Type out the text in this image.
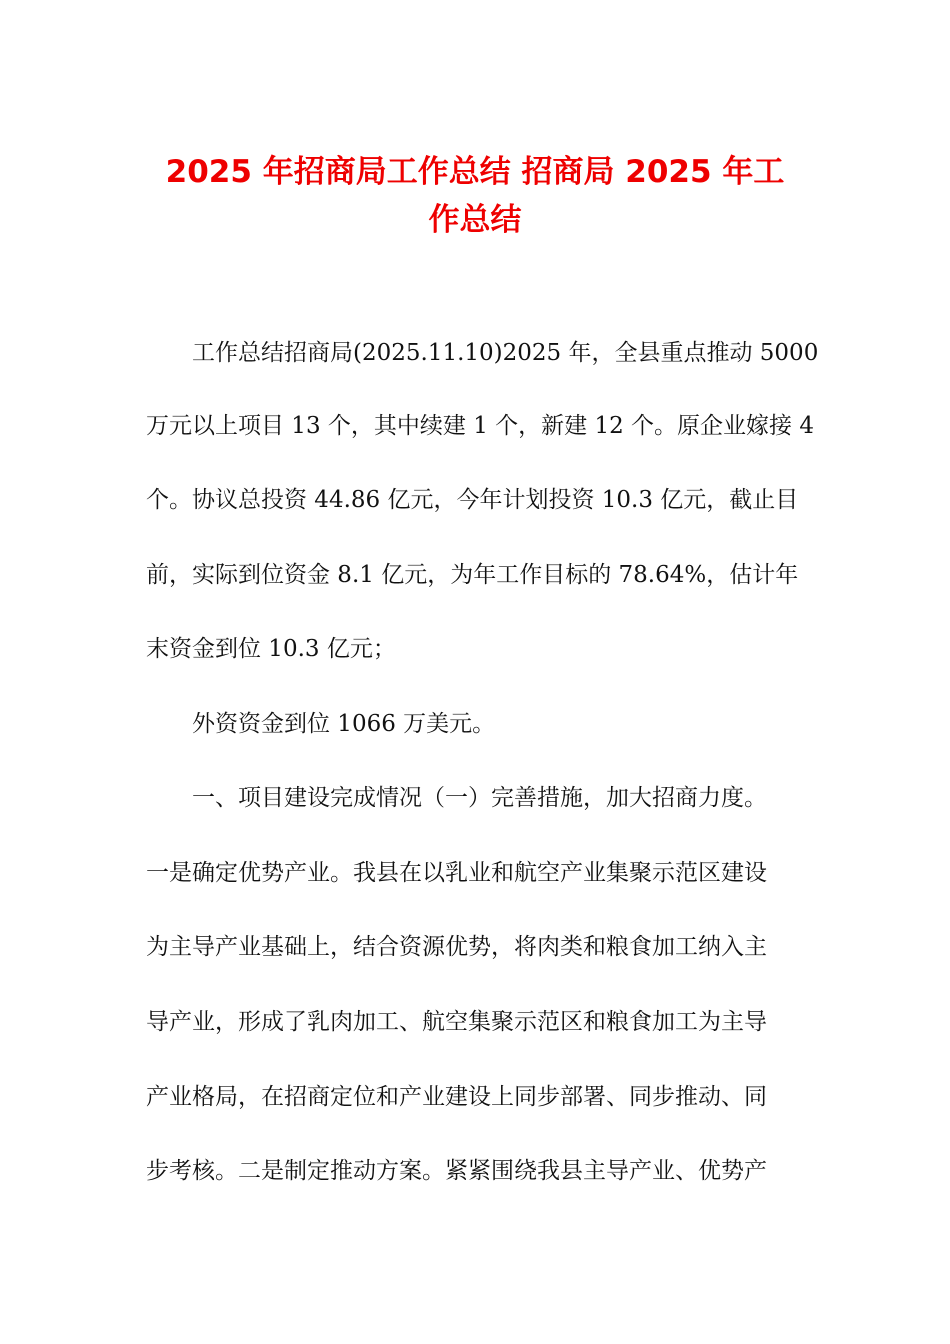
2025 年招商局工作总结 招商局 2025 年工
作总结
工作总结招商局(2025.11.10)2025 年，全县重点推动 5000
万元以上项目 13 个，其中续建 1 个，新建 12 个。原企业嫁接 4
个。协议总投资 44.86 亿元，今年计划投资 10.3 亿元，截止目
前，实际到位资金 8.1 亿元，为年工作目标的 78.64%，估计年
末资金到位 10.3 亿元；
外资资金到位 1066 万美元。
一、项目建设完成情况（一）完善措施，加大招商力度。
一是确定优势产业。我县在以乳业和航空产业集聚示范区建设
为主导产业基础上，结合资源优势，将肉类和粮食加工纳入主
导产业，形成了乳肉加工、航空集聚示范区和粮食加工为主导
产业格局，在招商定位和产业建设上同步部署、同步推动、同
步考核。二是制定推动方案。紧紧围绕我县主导产业、优势产
